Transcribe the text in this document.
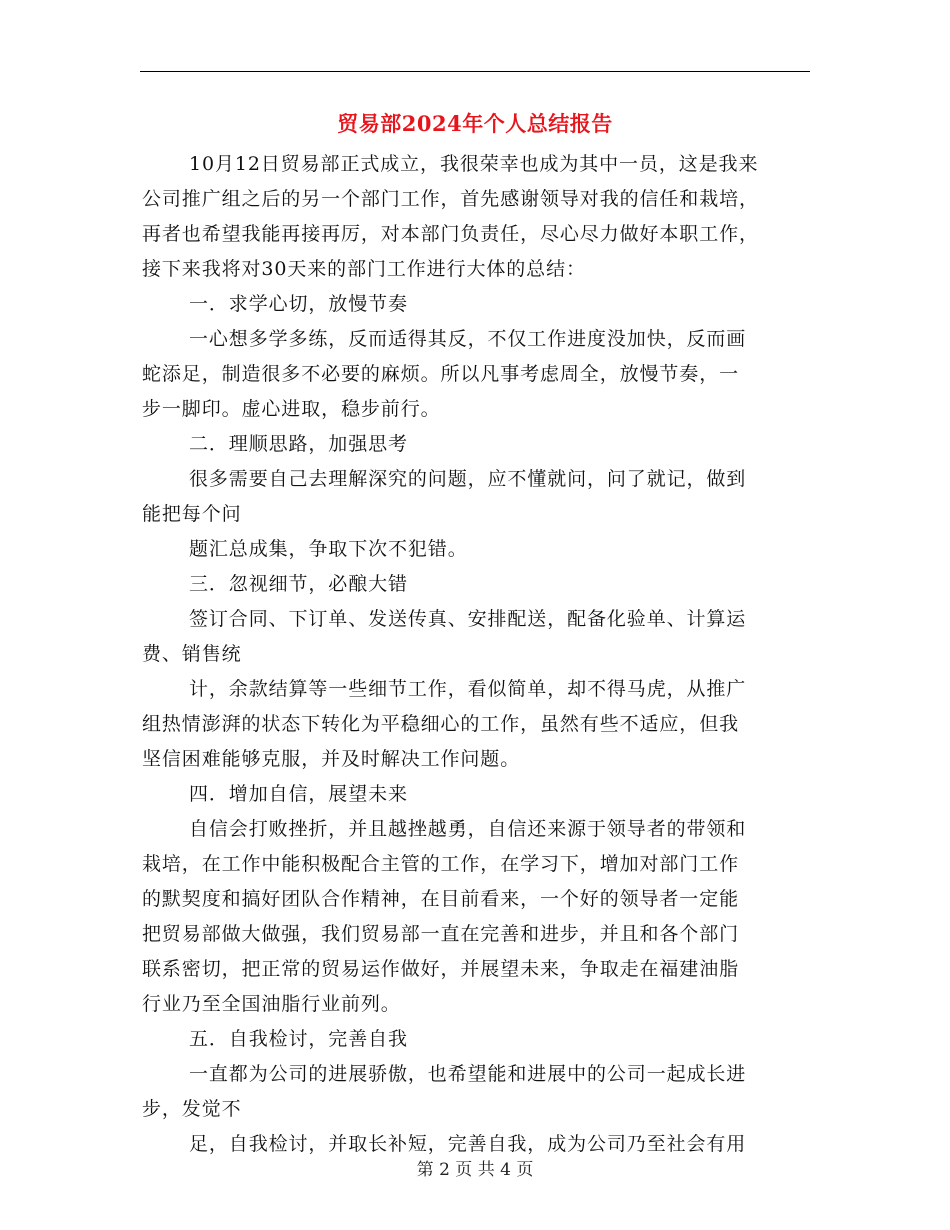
贸易部2024年个人总结报告
10月12日贸易部正式成立，我很荣幸也成为其中一员，这是我来
公司推广组之后的另一个部门工作，首先感谢领导对我的信任和栽培，
再者也希望我能再接再厉，对本部门负责任，尽心尽力做好本职工作，
接下来我将对30天来的部门工作进行大体的总结：
一．求学心切，放慢节奏
一心想多学多练，反而适得其反，不仅工作进度没加快，反而画
蛇添足，制造很多不必要的麻烦。所以凡事考虑周全，放慢节奏，一
步一脚印。虚心进取，稳步前行。
二．理顺思路，加强思考
很多需要自己去理解深究的问题，应不懂就问，问了就记，做到
能把每个问
题汇总成集，争取下次不犯错。
三．忽视细节，必酿大错
签订合同、下订单、发送传真、安排配送，配备化验单、计算运
费、销售统
计，余款结算等一些细节工作，看似简单，却不得马虎，从推广
组热情澎湃的状态下转化为平稳细心的工作，虽然有些不适应，但我
坚信困难能够克服，并及时解决工作问题。
四．增加自信，展望未来
自信会打败挫折，并且越挫越勇，自信还来源于领导者的带领和
栽培，在工作中能积极配合主管的工作，在学习下，增加对部门工作
的默契度和搞好团队合作精神，在目前看来，一个好的领导者一定能
把贸易部做大做强，我们贸易部一直在完善和进步，并且和各个部门
联系密切，把正常的贸易运作做好，并展望未来，争取走在福建油脂
行业乃至全国油脂行业前列。
五．自我检讨，完善自我
一直都为公司的进展骄傲，也希望能和进展中的公司一起成长进
步，发觉不
足，自我检讨，并取长补短，完善自我，成为公司乃至社会有用
第 2 页 共 4 页
